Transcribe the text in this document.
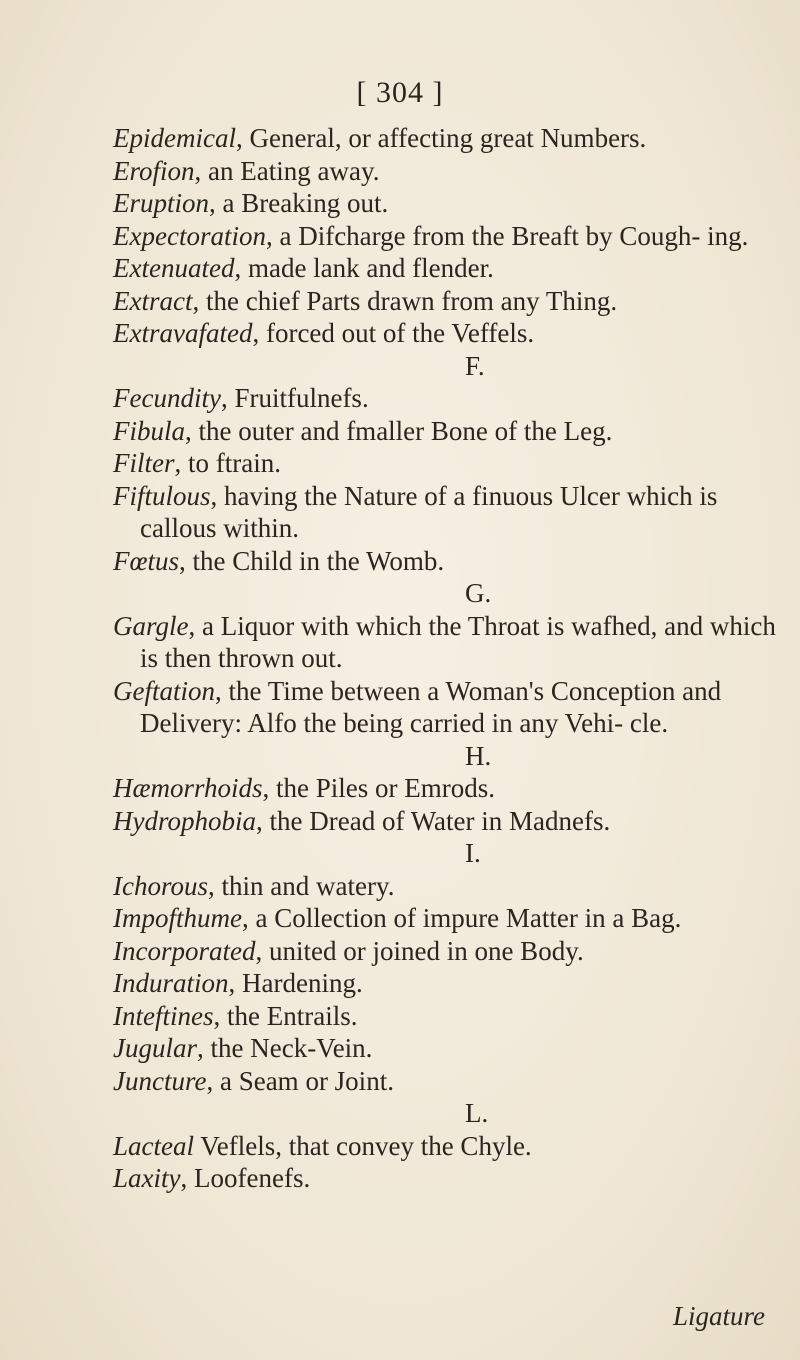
[ 304 ]
Epidemical, General, or affecting great Numbers.
Erofion, an Eating away.
Eruption, a Breaking out.
Expectoration, a Difcharge from the Breaft by Cough- ing.
Extenuated, made lank and flender.
Extract, the chief Parts drawn from any Thing.
Extravafated, forced out of the Veffels.
F.
Fecundity, Fruitfulnefs.
Fibula, the outer and fmaller Bone of the Leg.
Filter, to ftrain.
Fiftulous, having the Nature of a finuous Ulcer which is callous within.
Fœtus, the Child in the Womb.
G.
Gargle, a Liquor with which the Throat is wafhed, and which is then thrown out.
Geftation, the Time between a Woman's Conception and Delivery: Alfo the being carried in any Vehi- cle.
H.
Hæmorrhoids, the Piles or Emrods.
Hydrophobia, the Dread of Water in Madnefs.
I.
Ichorous, thin and watery.
Impofthume, a Collection of impure Matter in a Bag.
Incorporated, united or joined in one Body.
Induration, Hardening.
Inteftines, the Entrails.
Jugular, the Neck-Vein.
Juncture, a Seam or Joint.
L.
Lacteal Veflels, that convey the Chyle.
Laxity, Loofenefs.
Ligature
